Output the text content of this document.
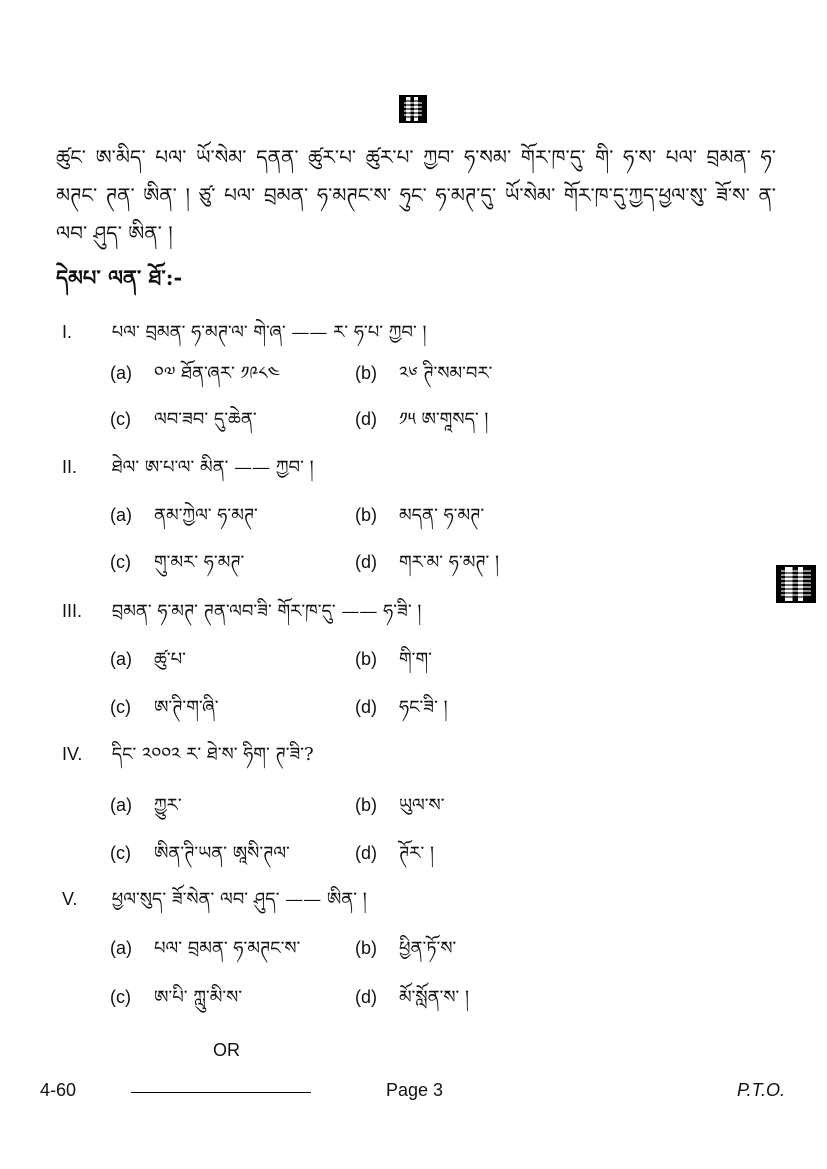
ཚུང་ ཨ་མིད་ པལ་ ཡོ་སེམ་ དནན་ ཚུར་པ་ ཚུར་པ་ ཀྱབ་ ཧ་སམ་ གོར་ཁ་དུ་ གི་ ཧ་ས་ པལ་ བྲམན་ ཧ་ མཊང་ ཊན་ ཨིན་ ། ཙུ་ པལ་ བྲམན་ ཧ་མཊང་ས་ ཧུང་ ཧ་མཊ་དུ་ ཡོ་སེམ་ གོར་ཁ་དུ་ཀྱད་ཕྱལ་སུ་ ཟོ་ས་ ན་ ལབ་ ཤུད་ ཨིན་ །
དེམཔ་ ལན་ ཐོ་:-
I. པལ་ བྲམན་ ཧ་མཊ་ལ་ གེ་ཞ་ —— ར་ ཧ་པ་ ཀྱབ་ །
(a) ༠༧ ཐོན་ཞར་ ༡༩༨༤	(b) ༢༦ ཊི་སམ་བར་
(c) ལབ་ཟབ་ དུ་ཆེན་	(d) ༡༥ ཨ་གཱསད་ །
II. ཐེལ་ ཨ་པ་ལ་ མིན་ —— ཀྱབ་ །
(a) ནམ་ཀྱེལ་ ཧ་མཊ་	(b) མདན་ ཧ་མཊ་
(c) གུ་མར་ ཧ་མཊ་	(d) གར་མ་ ཧ་མཊ་ །
III. བྲམན་ ཧ་མཊ་ ཊན་ལབ་ཟི་ གོར་ཁ་དུ་ —— ཧ་ཟི་ །
(a) ཚུ་པ་	(b) གི་ག་
(c) ཨ་ཊི་ག་ཞི་	(d) ཧང་ཟི་ །
IV. དིང་ ༢༠༠༢ ར་ ཐེ་ས་ ཧིག་ ཊ་ཟི་?
(a) ཀྱུར་	(b) ཡུལ་ས་
(c) ཨིན་ཊི་ཡན་ ཨཱསི་ཊལ་	(d) ཊོར་ །
V. ཕྱལ་སུད་ ཟོ་སེན་ ལབ་ ཤུད་ —— ཨིན་ །
(a) པལ་ བྲམན་ ཧ་མཊང་ས་	(b) ཕྱིན་ཏོ་ས་
(c) ཨ་པི་ ཀླུ་མི་ས་	(d) མོ་སློན་ས་ །
OR
4-60	Page 3	P.T.O.
